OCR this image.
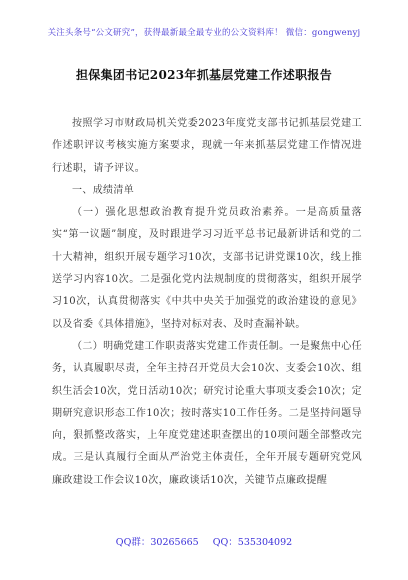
关注头条号“公文研究”，获得最新最全最专业的公文资料库！ 微信：gongwenyj
担保集团书记2023年抓基层党建工作述职报告

按照学习市财政局机关党委2023年度党支部书记抓基层党建工作述职评议考核实施方案要求，现就一年来抓基层党建工作情况进行述职，请予评议。

一、成绩清单

（一）强化思想政治教育提升党员政治素养。一是高质量落实“第一议题”制度，及时跟进学习习近平总书记最新讲话和党的二十大精神，组织开展专题学习10次，支部书记讲党课10次，线上推送学习内容10次。二是强化党内法规制度的贯彻落实，组织开展学习10次，认真贯彻落实《中共中央关于加强党的政治建设的意见》以及省委《具体措施》，坚持对标对表、及时查漏补缺。

（二）明确党建工作职责落实党建工作责任制。一是聚焦中心任务，认真履职尽责，全年主持召开党员大会10次、支委会10次、组织生活会10次，党日活动10次；研究讨论重大事项支委会10次；定期研究意识形态工作10次；按时落实10工作任务。二是坚持问题导向，狠抓整改落实，上年度党建述职查摆出的10项问题全部整改完成。三是认真履行全面从严治党主体责任，全年开展专题研究党风廉政建设工作会议10次，廉政谈话10次，关键节点廉政提醒

QQ群：30265665 QQ：535304092
